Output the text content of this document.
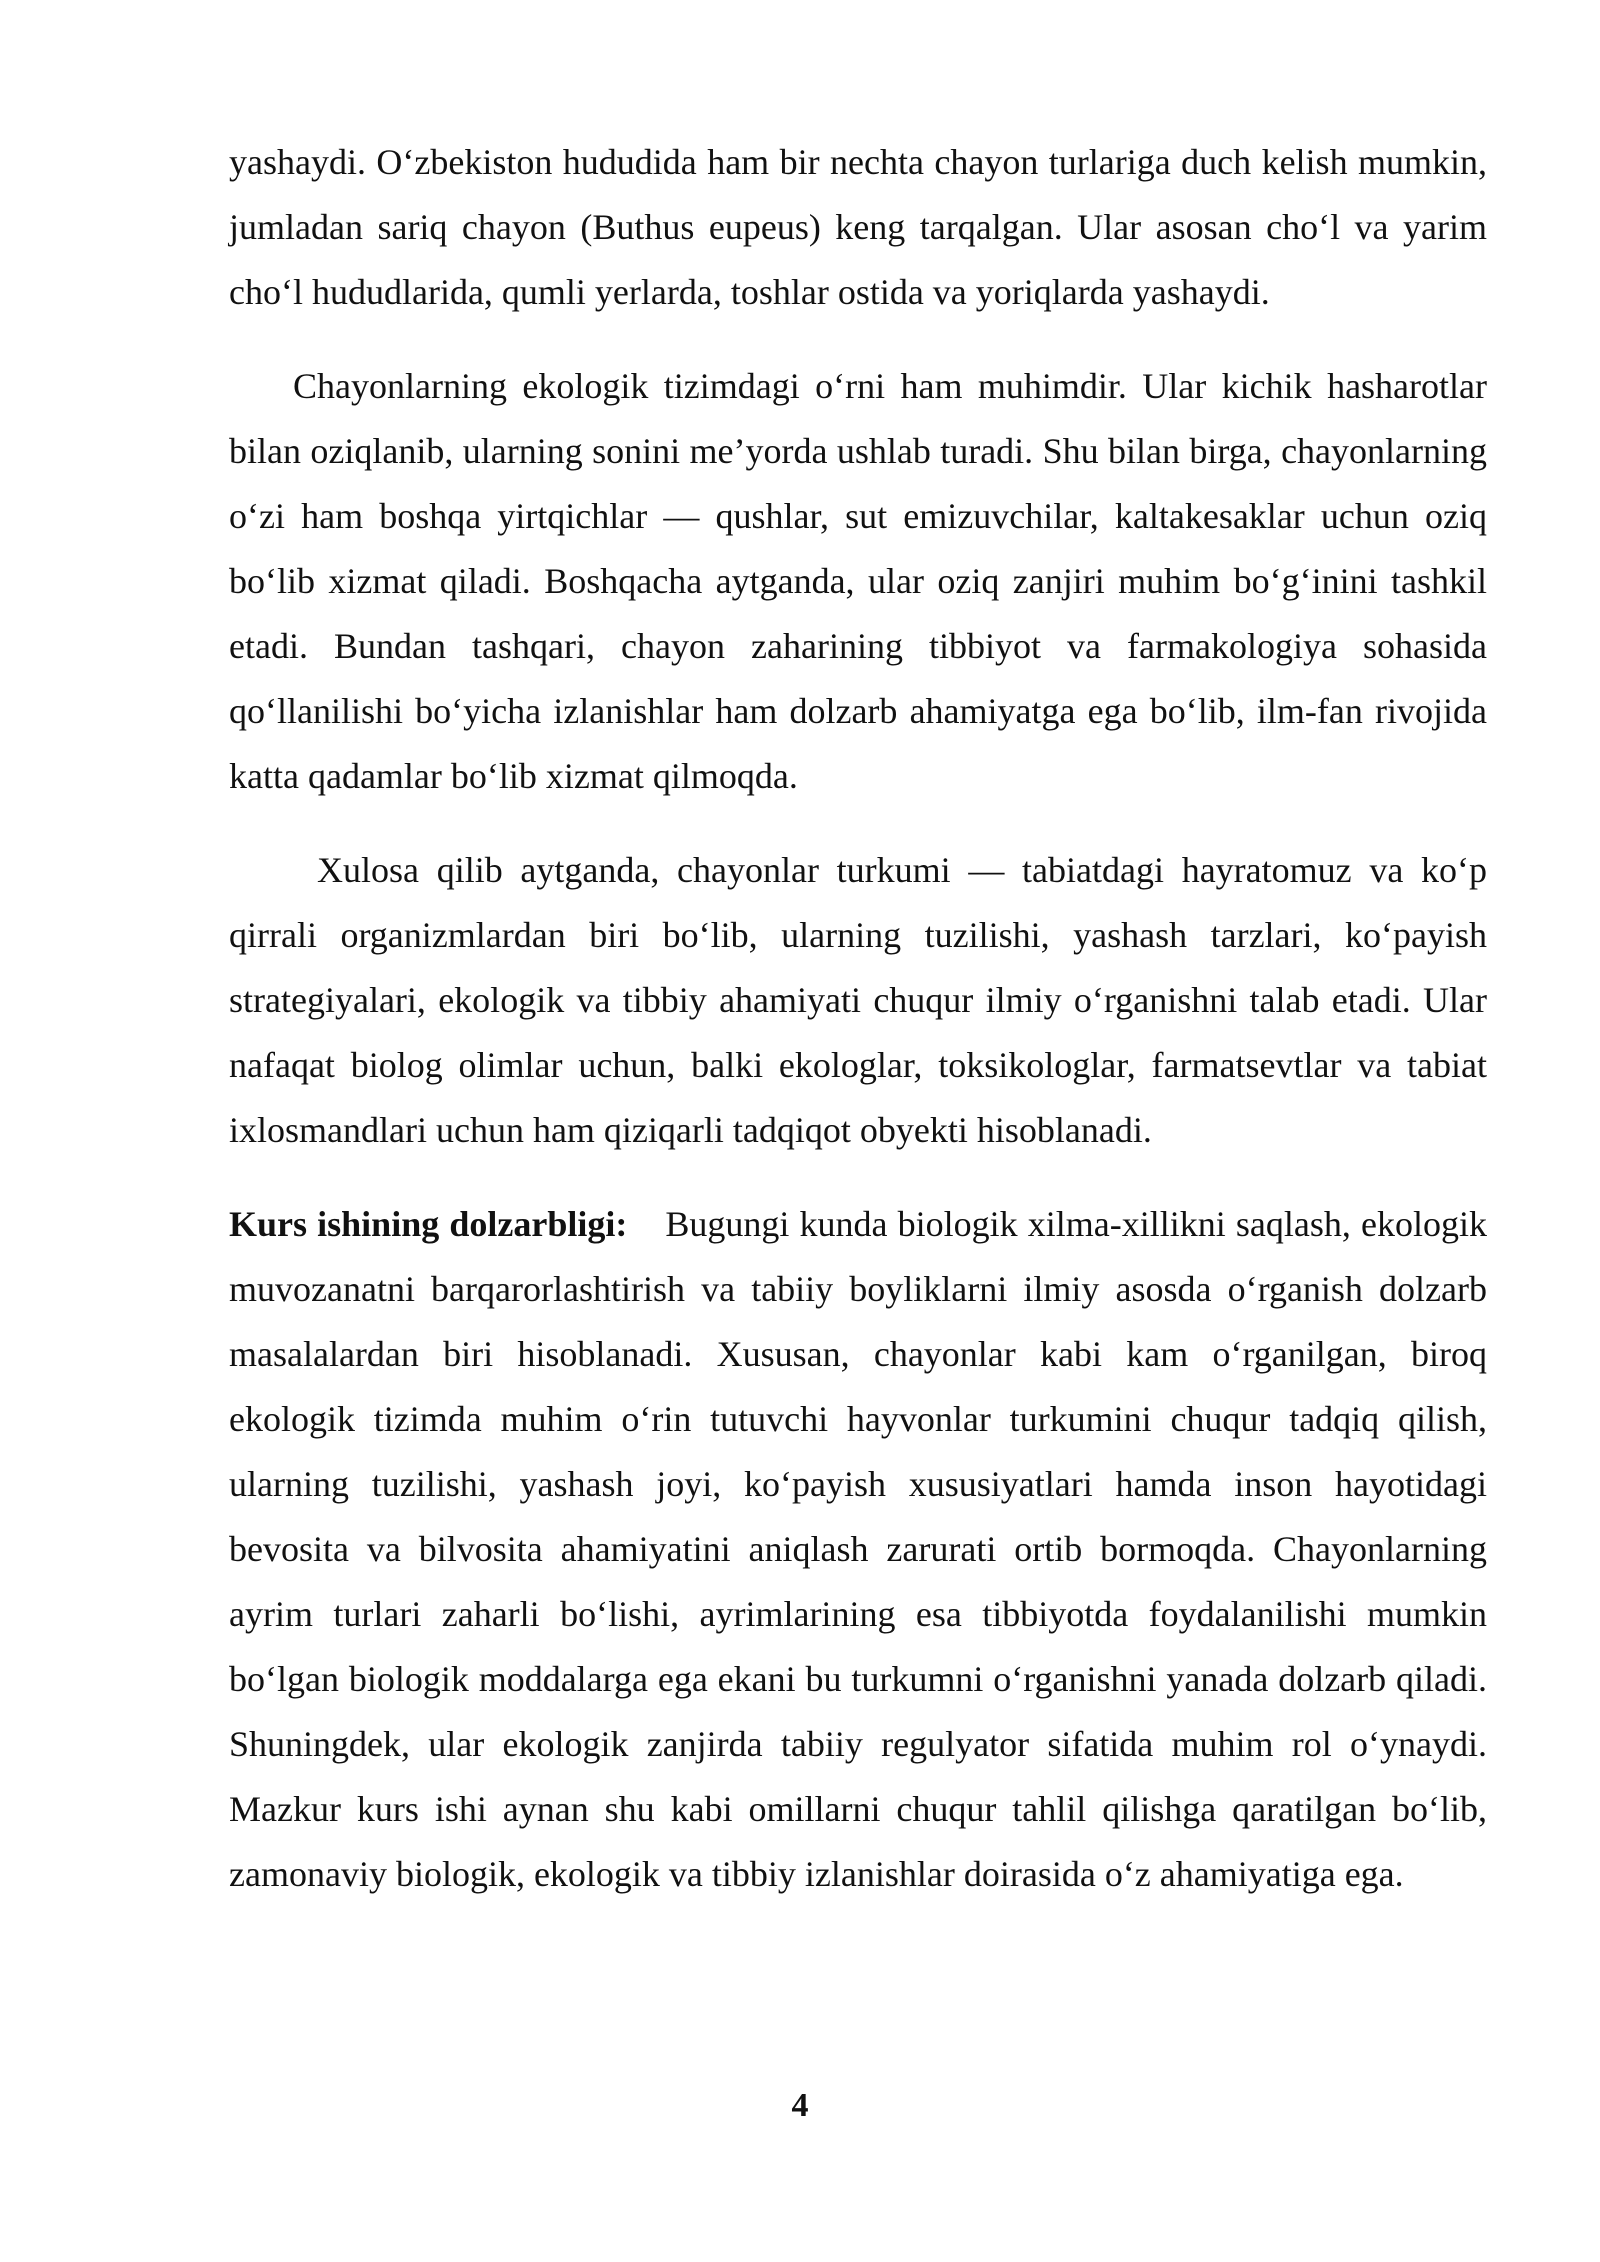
yashaydi. O‘zbekiston hududida ham bir nechta chayon turlariga duch kelish mumkin, jumladan sariq chayon (Buthus eupeus) keng tarqalgan. Ular asosan cho‘l va yarim cho‘l hududlarida, qumli yerlarda, toshlar ostida va yoriqlarda yashaydi.

Chayonlarning ekologik tizimdagi o‘rni ham muhimdir. Ular kichik hasharotlar bilan oziqlanib, ularning sonini me’yorda ushlab turadi. Shu bilan birga, chayonlarning o‘zi ham boshqa yirtqichlar — qushlar, sut emizuvchilar, kaltakesaklar uchun oziq bo‘lib xizmat qiladi. Boshqacha aytganda, ular oziq zanjiri muhim bo‘g‘inini tashkil etadi. Bundan tashqari, chayon zaharining tibbiyot va farmakologiya sohasida qo‘llanilishi bo‘yicha izlanishlar ham dolzarb ahamiyatga ega bo‘lib, ilm-fan rivojida katta qadamlar bo‘lib xizmat qilmoqda.

Xulosa qilib aytganda, chayonlar turkumi — tabiatdagi hayratomuz va ko‘p qirrali organizmlardan biri bo‘lib, ularning tuzilishi, yashash tarzlari, ko‘payish strategiyalari, ekologik va tibbiy ahamiyati chuqur ilmiy o‘rganishni talab etadi. Ular nafaqat biolog olimlar uchun, balki ekologlar, toksikologlar, farmatsevtlar va tabiat ixlosmandlari uchun ham qiziqarli tadqiqot obyekti hisoblanadi.

Kurs ishining dolzarbligi: Bugungi kunda biologik xilma-xillikni saqlash, ekologik muvozanatni barqarorlashtirish va tabiiy boyliklarni ilmiy asosda o‘rganish dolzarb masalalardan biri hisoblanadi. Xususan, chayonlar kabi kam o‘rganilgan, biroq ekologik tizimda muhim o‘rin tutuvchi hayvonlar turkumini chuqur tadqiq qilish, ularning tuzilishi, yashash joyi, ko‘payish xususiyatlari hamda inson hayotidagi bevosita va bilvosita ahamiyatini aniqlash zarurati ortib bormoqda. Chayonlarning ayrim turlari zaharli bo‘lishi, ayrimlarining esa tibbiyotda foydalanilishi mumkin bo‘lgan biologik moddalarga ega ekani bu turkumni o‘rganishni yanada dolzarb qiladi. Shuningdek, ular ekologik zanjirda tabiiy regulyator sifatida muhim rol o‘ynaydi. Mazkur kurs ishi aynan shu kabi omillarni chuqur tahlil qilishga qaratilgan bo‘lib, zamonaviy biologik, ekologik va tibbiy izlanishlar doirasida o‘z ahamiyatiga ega.

4
